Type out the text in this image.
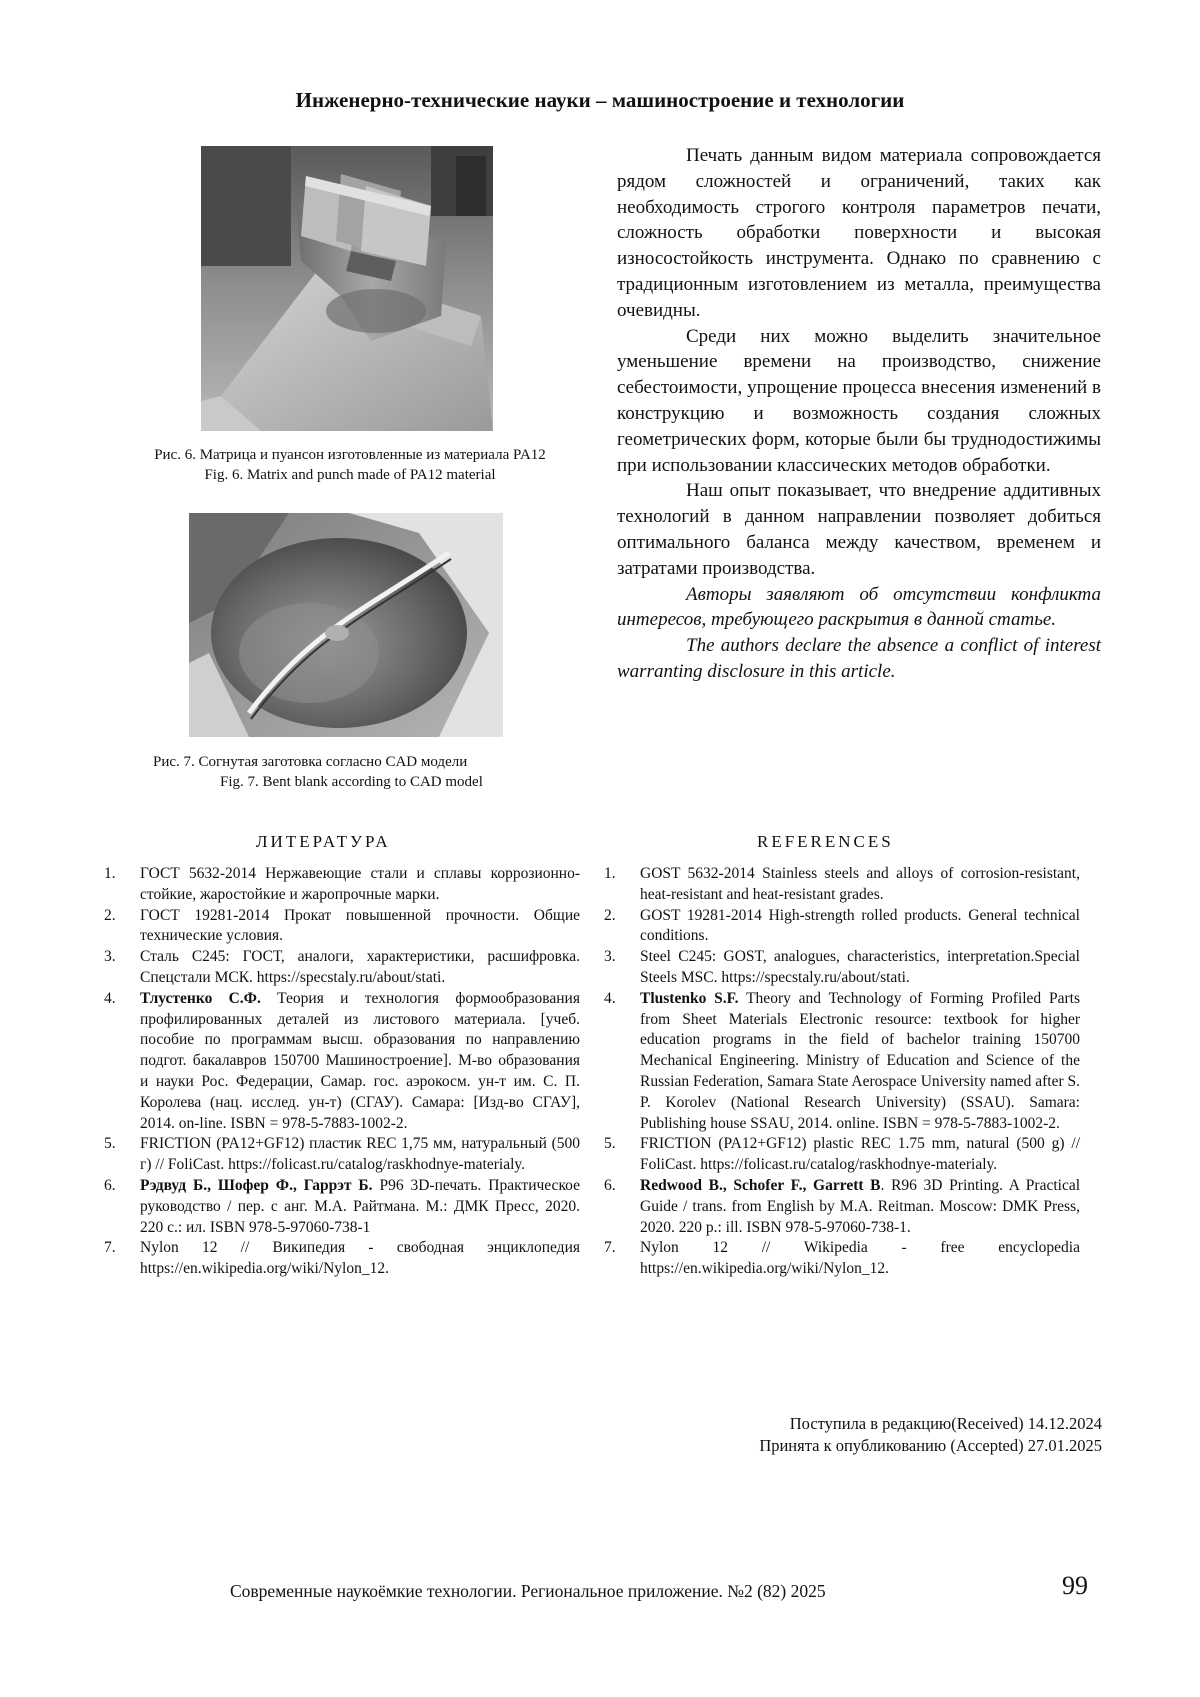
Инженерно-технические науки – машиностроение и технологии
Рис. 6. Матрица и пуансон изготовленные из материала PA12
Fig. 6. Matrix and punch made of PA12 material
Рис. 7. Согнутая заготовка согласно CAD модели
Fig. 7. Bent blank according to CAD model

Печать данным видом материала сопровождается рядом сложностей и ограничений, таких как необходимость строгого контроля параметров печати, сложность обработки поверхности и высокая износостойкость инструмента. Однако по сравнению с традиционным изготовлением из металла, преимущества очевидны.

Среди них можно выделить значительное уменьшение времени на производство, снижение себестоимости, упрощение процесса внесения изменений в конструкцию и возможность создания сложных геометрических форм, которые были бы труднодостижимы при использовании классических методов обработки.

Наш опыт показывает, что внедрение аддитивных технологий в данном направлении позволяет добиться оптимального баланса между качеством, временем и затратами производства.

Авторы заявляют об отсутствии конфликта интересов, требующего раскрытия в данной статье.

The authors declare the absence a conflict of interest warranting disclosure in this article.

ЛИТЕРАТУРА	REFERENCES
1. ГОСТ 5632-2014 Нержавеющие стали и сплавы коррозионно-стойкие, жаростойкие и жаропрочные марки.
2. ГОСТ 19281-2014 Прокат повышенной прочности. Общие технические условия.
3. Сталь С245: ГОСТ, аналоги, характеристики, расшифровка. Спецстали МСК. https://specstaly.ru/about/stati.
4. Тлустенко С.Ф. Теория и технология формообразования профилированных деталей из листового материала. [учеб. пособие по программам высш. образования по направлению подгот. бакалавров 150700 Машиностроение]. М-во образования и науки Рос. Федерации, Самар. гос. аэрокосм. ун-т им. С. П. Королева (нац. исслед. ун-т) (СГАУ). Самара: [Изд-во СГАУ], 2014. on-line. ISBN = 978-5-7883-1002-2.
5. FRICTION (PA12+GF12) пластик REC 1,75 мм, натуральный (500 г) // FoliCast. https://folicast.ru/catalog/raskhodnye-materialy.
6. Рэдвуд Б., Шофер Ф., Гаррэт Б. Р96 3D-печать. Практическое руководство / пер. с анг. М.А. Райтмана. М.: ДМК Пресс, 2020. 220 с.: ил. ISBN 978-5-97060-738-1
7. Nylon 12 // Википедия - свободная энциклопедия https://en.wikipedia.org/wiki/Nylon_12.
1. GOST 5632-2014 Stainless steels and alloys of corrosion-resistant, heat-resistant and heat-resistant grades.
2. GOST 19281-2014 High-strength rolled products. General technical conditions.
3. Steel C245: GOST, analogues, characteristics, interpretation.Special Steels MSC. https://specstaly.ru/about/stati.
4. Tlustenko S.F. Theory and Technology of Forming Profiled Parts from Sheet Materials Electronic resource: textbook for higher education programs in the field of bachelor training 150700 Mechanical Engineering. Ministry of Education and Science of the Russian Federation, Samara State Aerospace University named after S. P. Korolev (National Research University) (SSAU). Samara: Publishing house SSAU, 2014. online. ISBN = 978-5-7883-1002-2.
5. FRICTION (PA12+GF12) plastic REC 1.75 mm, natural (500 g) // FoliCast. https://folicast.ru/catalog/raskhodnye-materialy.
6. Redwood B., Schofer F., Garrett B. R96 3D Printing. A Practical Guide / trans. from English by M.A. Reitman. Moscow: DMK Press, 2020. 220 p.: ill. ISBN 978-5-97060-738-1.
7. Nylon 12 // Wikipedia - free encyclopedia https://en.wikipedia.org/wiki/Nylon_12.
Поступила в редакцию(Received) 14.12.2024
Принята к опубликованию (Accepted) 27.01.2025
Современные наукоёмкие технологии. Региональное приложение. №2 (82) 2025	99
